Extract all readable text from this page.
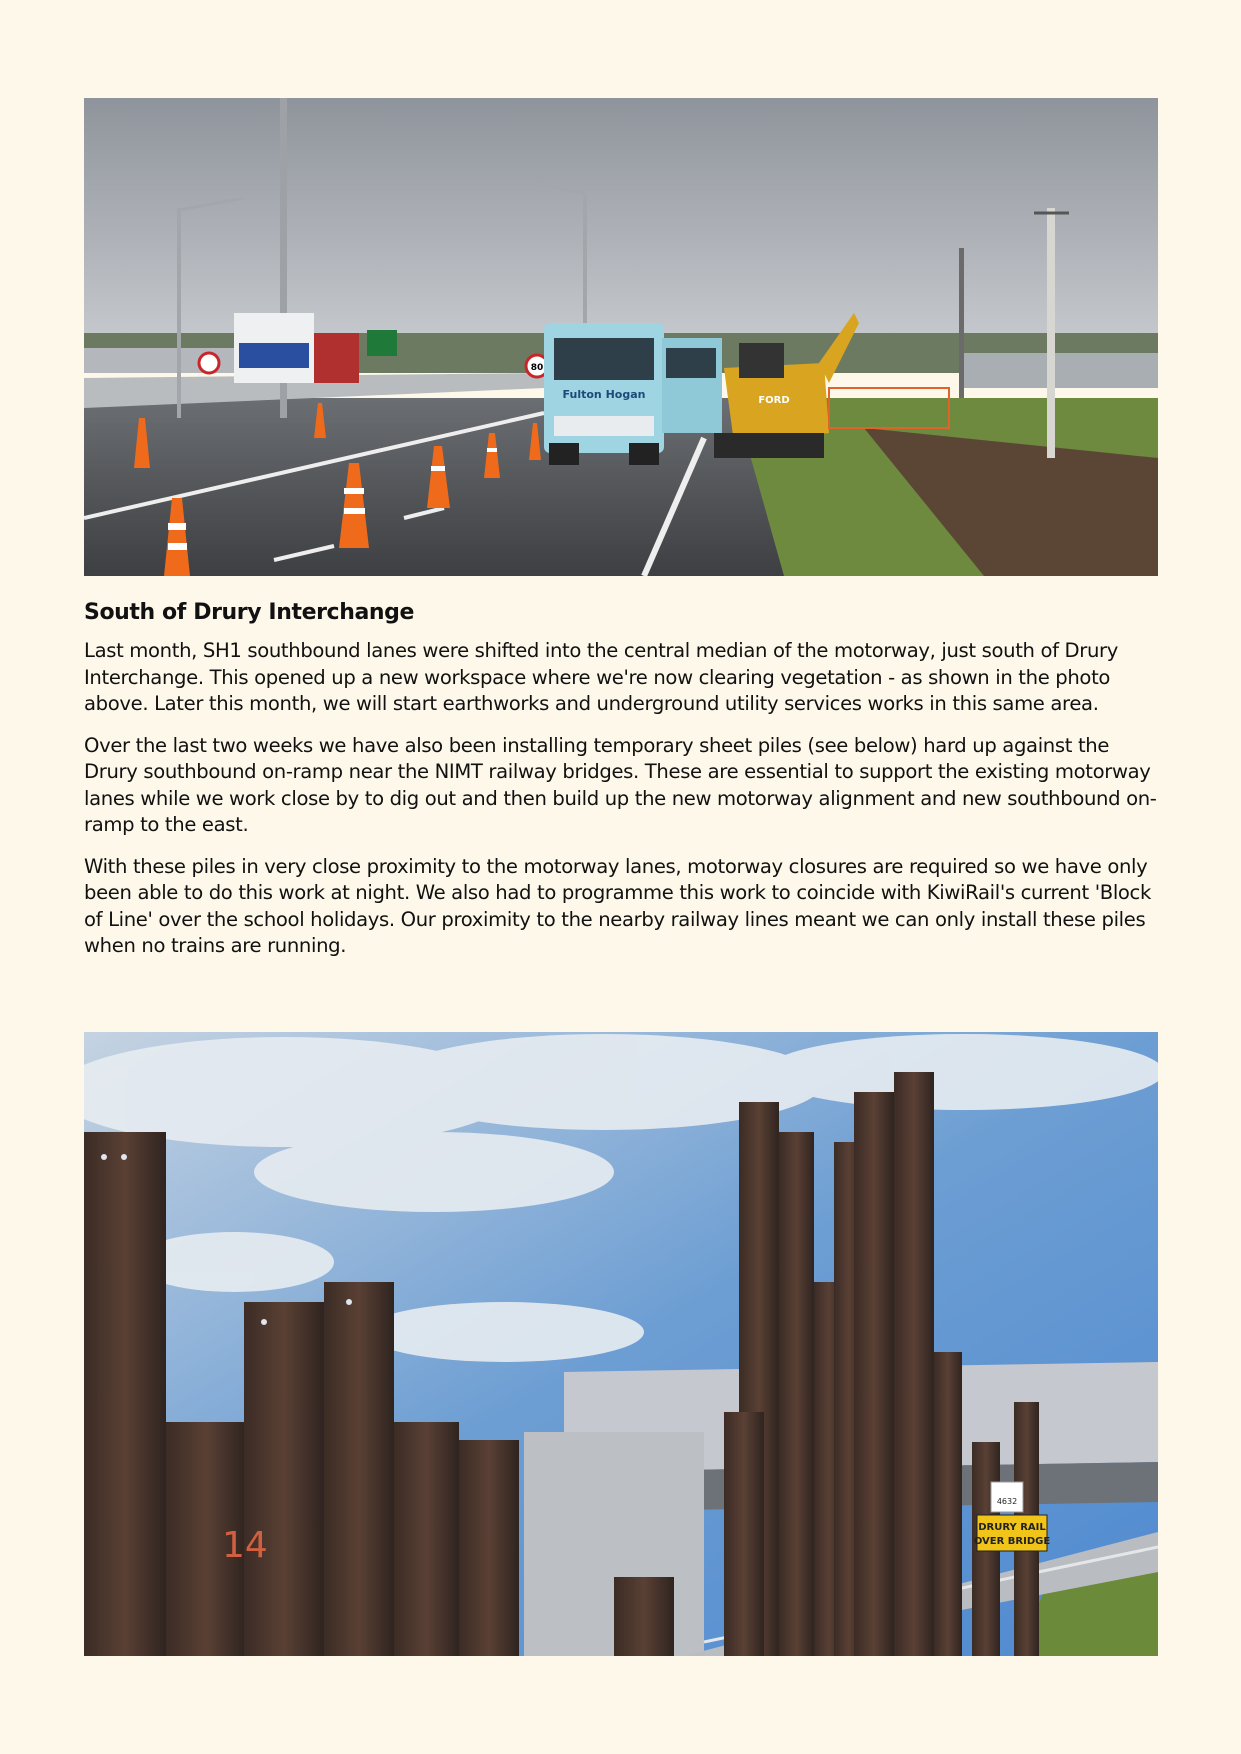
80
Fulton Hogan	FORD
South of Drury Interchange

Last month, SH1 southbound lanes were shifted into the central median of the motorway, just south of Drury Interchange. This opened up a new workspace where we're now clearing vegetation - as shown in the photo above. Later this month, we will start earthworks and underground utility services works in this same area.

Over the last two weeks we have also been installing temporary sheet piles (see below) hard up against the Drury southbound on-ramp near the NIMT railway bridges. These are essential to support the existing motorway lanes while we work close by to dig out and then build up the new motorway alignment and new southbound on-ramp to the east.

With these piles in very close proximity to the motorway lanes, motorway closures are required so we have only been able to do this work at night. We also had to programme this work to coincide with KiwiRail's current 'Block of Line' over the school holidays. Our proximity to the nearby railway lines meant we can only install these piles when no trains are running.

14
4632
DRURY RAIL
OVER BRIDGE
